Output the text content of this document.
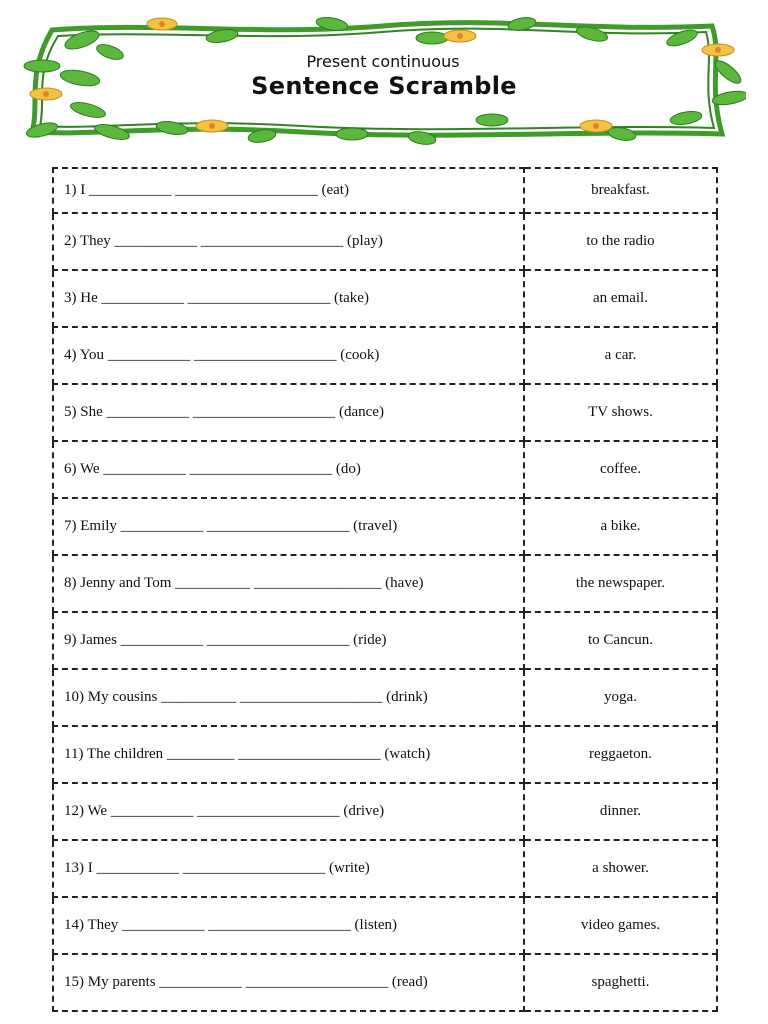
Present continuous
Sentence Scramble
1) I ___________ ___________________ (eat)	breakfast.
2) They ___________ ___________________ (play)	to the radio
3) He ___________ ___________________ (take)	an email.
4) You ___________ ___________________ (cook)	a car.
5) She ___________ ___________________ (dance)	TV shows.
6) We ___________ ___________________ (do)	coffee.
7) Emily ___________ ___________________ (travel)	a bike.
8) Jenny and Tom __________ _________________ (have)	the newspaper.
9) James ___________ ___________________ (ride)	to Cancun.
10) My cousins __________ ___________________ (drink)	yoga.
11) The children _________ ___________________ (watch)	reggaeton.
12) We ___________ ___________________ (drive)	dinner.
13) I ___________ ___________________ (write)	a shower.
14) They ___________ ___________________ (listen)	video games.
15) My parents ___________ ___________________ (read)	spaghetti.
